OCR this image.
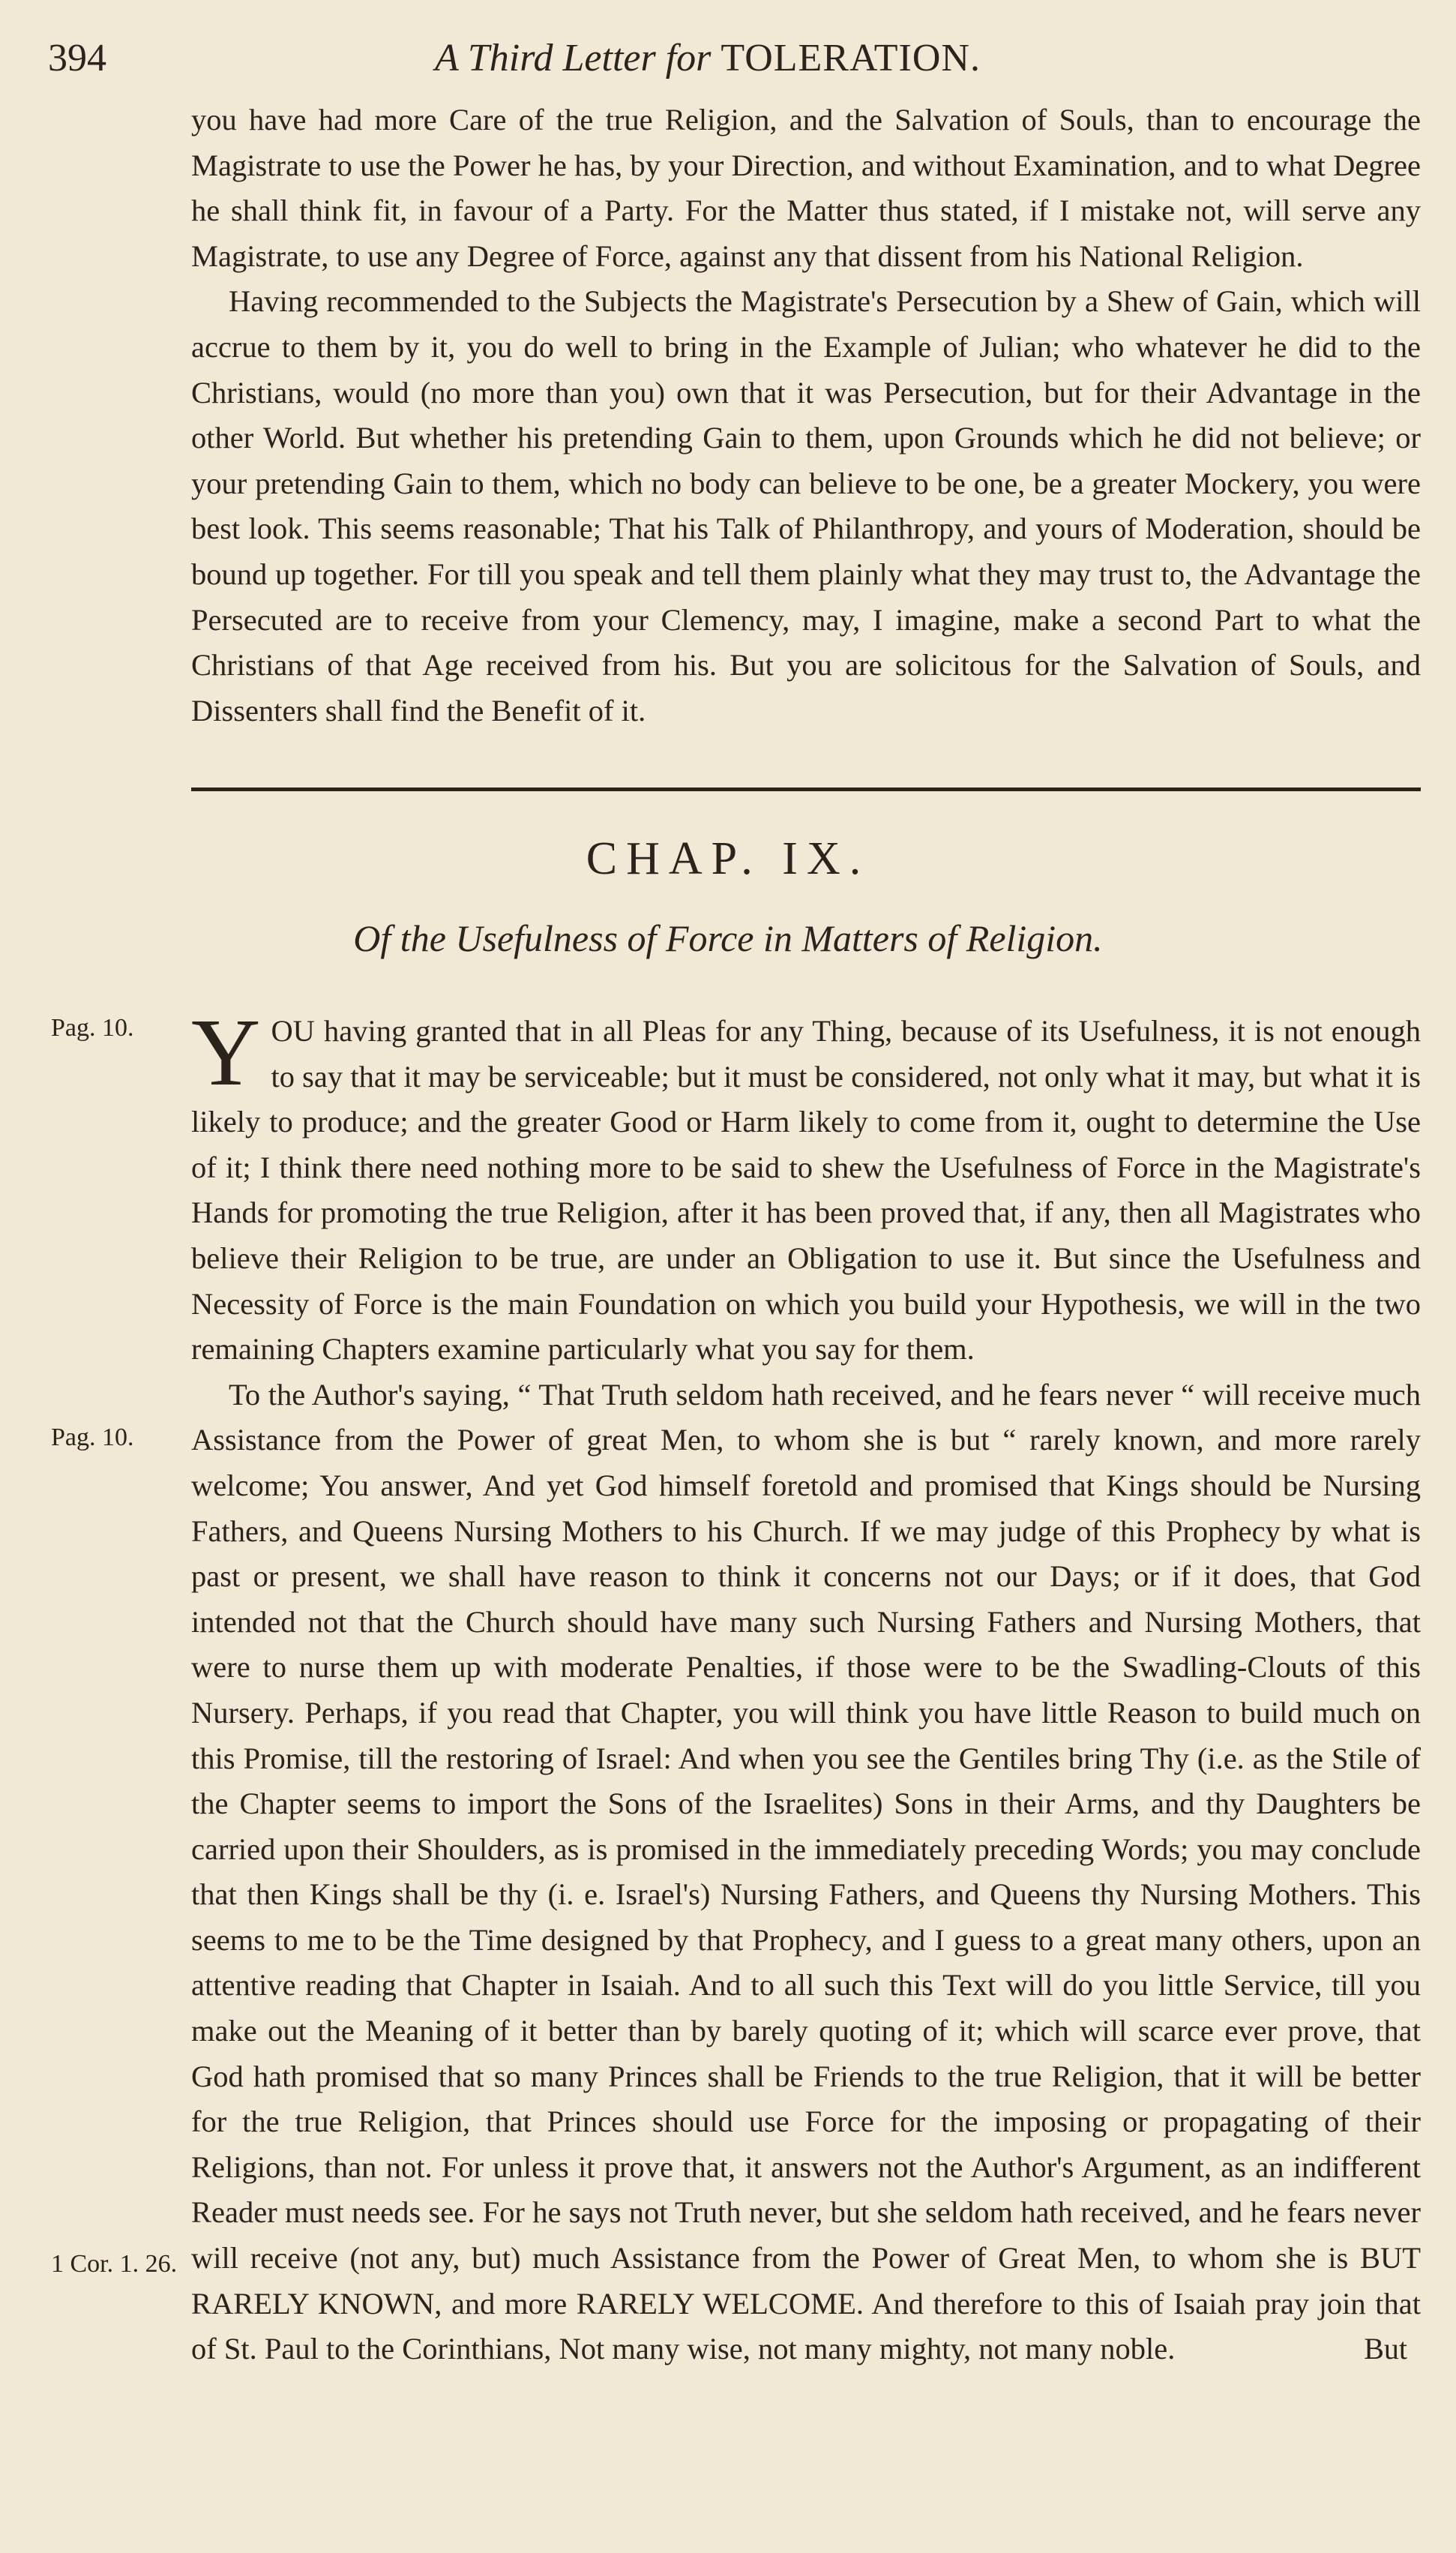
394	A Third Letter for TOLERATION.

you have had more Care of the true Religion, and the Salvation of Souls, than to encourage the Magistrate to use the Power he has, by your Direction, and without Examination, and to what Degree he shall think fit, in favour of a Party. For the Matter thus stated, if I mistake not, will serve any Magistrate, to use any Degree of Force, against any that dissent from his National Religion.

Having recommended to the Subjects the Magistrate's Persecution by a Shew of Gain, which will accrue to them by it, you do well to bring in the Example of Julian; who whatever he did to the Christians, would (no more than you) own that it was Persecution, but for their Advantage in the other World. But whether his pretending Gain to them, upon Grounds which he did not believe; or your pretending Gain to them, which no body can believe to be one, be a greater Mockery, you were best look. This seems reasonable; That his Talk of Philanthropy, and yours of Moderation, should be bound up together. For till you speak and tell them plainly what they may trust to, the Advantage the Persecuted are to receive from your Clemency, may, I imagine, make a second Part to what the Christians of that Age received from his. But you are solicitous for the Salvation of Souls, and Dissenters shall find the Benefit of it.

CHAP. IX.
Of the Usefulness of Force in Matters of Religion.
Pag. 10.
Pag. 10.
1 Cor. 1. 26.

YOU having granted that in all Pleas for any Thing, because of its Usefulness, it is not enough to say that it may be serviceable; but it must be considered, not only what it may, but what it is likely to produce; and the greater Good or Harm likely to come from it, ought to determine the Use of it; I think there need nothing more to be said to shew the Usefulness of Force in the Magistrate's Hands for promoting the true Religion, after it has been proved that, if any, then all Magistrates who believe their Religion to be true, are under an Obligation to use it. But since the Usefulness and Necessity of Force is the main Foundation on which you build your Hypothesis, we will in the two remaining Chapters examine particularly what you say for them.

To the Author's saying, “ That Truth seldom hath received, and he fears never “ will receive much Assistance from the Power of great Men, to whom she is but “ rarely known, and more rarely welcome; You answer, And yet God himself foretold and promised that Kings should be Nursing Fathers, and Queens Nursing Mothers to his Church. If we may judge of this Prophecy by what is past or present, we shall have reason to think it concerns not our Days; or if it does, that God intended not that the Church should have many such Nursing Fathers and Nursing Mothers, that were to nurse them up with moderate Penalties, if those were to be the Swadling-Clouts of this Nursery. Perhaps, if you read that Chapter, you will think you have little Reason to build much on this Promise, till the restoring of Israel: And when you see the Gentiles bring Thy (i.e. as the Stile of the Chapter seems to import the Sons of the Israelites) Sons in their Arms, and thy Daughters be carried upon their Shoulders, as is promised in the immediately preceding Words; you may conclude that then Kings shall be thy (i. e. Israel's) Nursing Fathers, and Queens thy Nursing Mothers. This seems to me to be the Time designed by that Prophecy, and I guess to a great many others, upon an attentive reading that Chapter in Isaiah. And to all such this Text will do you little Service, till you make out the Meaning of it better than by barely quoting of it; which will scarce ever prove, that God hath promised that so many Princes shall be Friends to the true Religion, that it will be better for the true Religion, that Princes should use Force for the imposing or propagating of their Religions, than not. For unless it prove that, it answers not the Author's Argument, as an indifferent Reader must needs see. For he says not Truth never, but she seldom hath received, and he fears never will receive (not any, but) much Assistance from the Power of Great Men, to whom she is BUT RARELY KNOWN, and more RARELY WELCOME. And therefore to this of Isaiah pray join that of St. Paul to the Corinthians, Not many wise, not many mighty, not many noble.	But
